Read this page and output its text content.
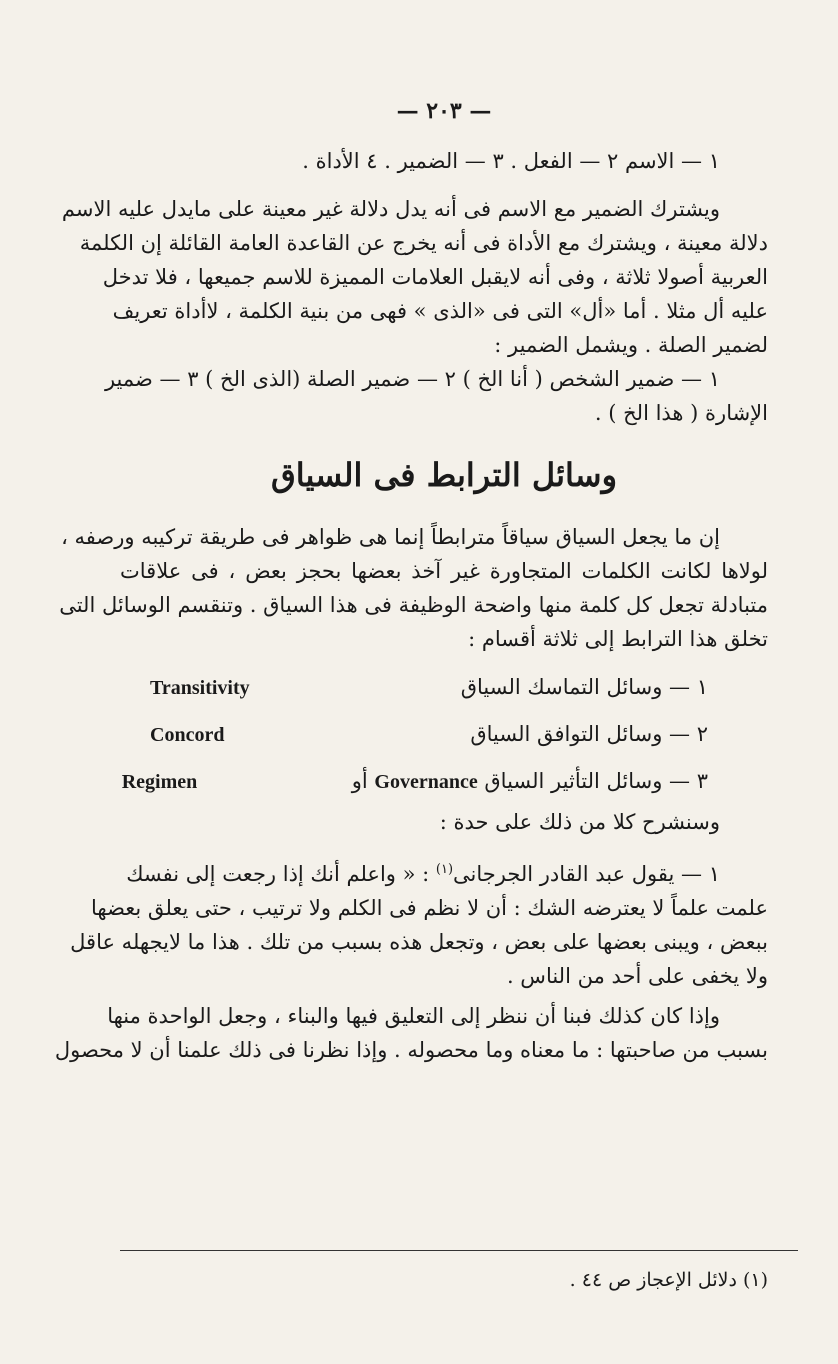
— ٢٠٣ —

١ — الاسم ٢ — الفعل . ٣ — الضمير . ٤ الأداة .

ويشترك الضمير مع الاسم فى أنه يدل دلالة غير معينة على مايدل عليه الاسم

دلالة معينة ، ويشترك مع الأداة فى أنه يخرج عن القاعدة العامة القائلة إن الكلمة

العربية أصولا ثلاثة ، وفى أنه لايقبل العلامات المميزة للاسم جميعها ، فلا تدخل

عليه أل مثلا . أما «أل» التى فى «الذى » فهى من بنية الكلمة ، لاأداة تعريف

لضمير الصلة . ويشمل الضمير :

١ — ضمير الشخص ( أنا الخ ) ٢ — ضمير الصلة (الذى الخ ) ٣ — ضمير

الإشارة ( هذا الخ ) .

وسائل الترابط فى السياق

إن ما يجعل السياق سياقاً مترابطاً إنما هى ظواهر فى طريقة تركيبه ورصفه ،

لولاها لكانت الكلمات المتجاورة غير آخذ بعضها بحجز بعض ، فى علاقات

متبادلة تجعل كل كلمة منها واضحة الوظيفة فى هذا السياق . وتنقسم الوسائل التى

تخلق هذا الترابط إلى ثلاثة أقسام :

١ — وسائل التماسك السياق
Transitivity
٢ — وسائل التوافق السياق
Concord
٣ — وسائل التأثير السياق Governance أو
Regimen

وسنشرح كلا من ذلك على حدة :

١ — يقول عبد القادر الجرجانى$^{(١)}$ : « واعلم أنك إذا رجعت إلى نفسك

علمت علماً لا يعترضه الشك : أن لا نظم فى الكلم ولا ترتيب ، حتى يعلق بعضها

ببعض ، ويبنى بعضها على بعض ، وتجعل هذه بسبب من تلك . هذا ما لايجهله عاقل

ولا يخفى على أحد من الناس .

وإذا كان كذلك فبنا أن ننظر إلى التعليق فيها والبناء ، وجعل الواحدة منها

بسبب من صاحبتها : ما معناه وما محصوله . وإذا نظرنا فى ذلك علمنا أن لا محصول

(١) دلائل الإعجاز ص ٤٤ .
